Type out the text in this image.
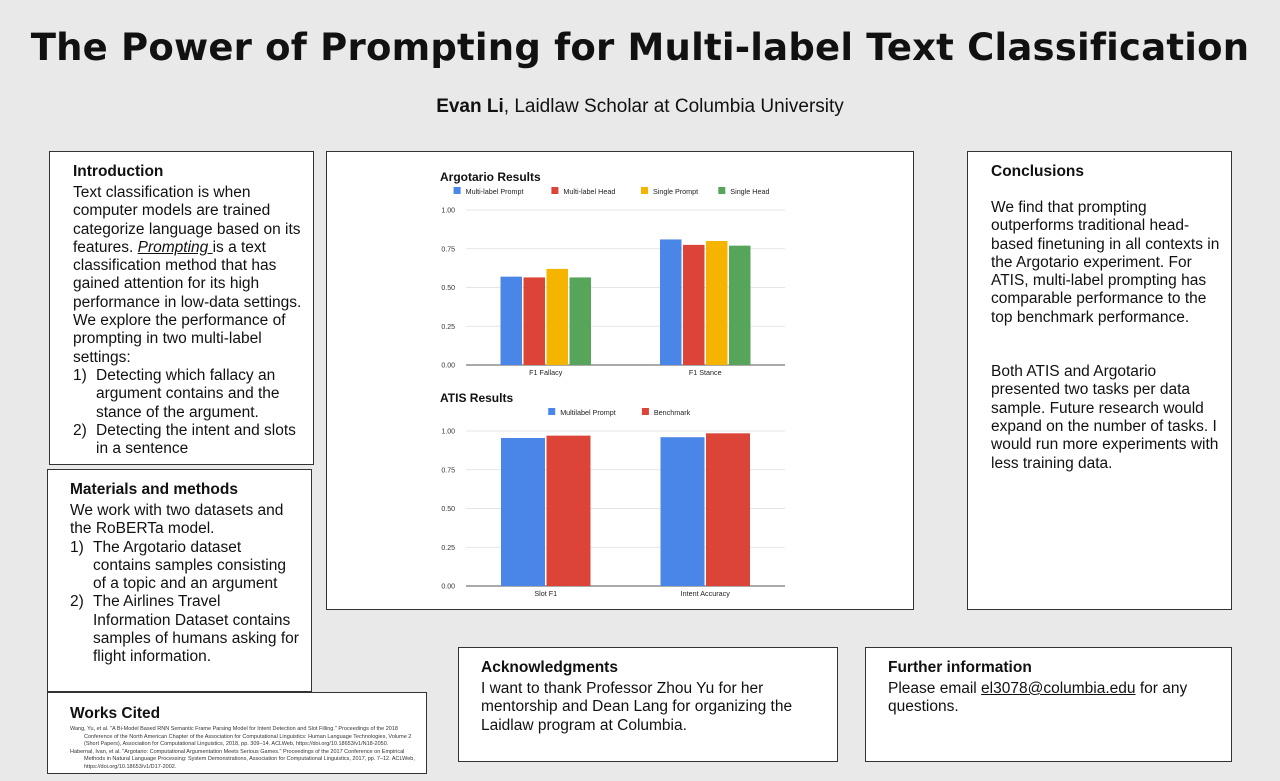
The Power of Prompting for Multi-label Text Classification
Evan Li, Laidlaw Scholar at Columbia University
Introduction

Text classification is when computer models are trained categorize language based on its features. Prompting is a text classification method that has gained attention for its high performance in low-data settings. We explore the performance of prompting in two multi-label settings:

1) Detecting which fallacy an argument contains and the stance of the argument.
2) Detecting the intent and slots in a sentence
Materials and methods

We work with two datasets and the RoBERTa model.

1) The Argotario dataset contains samples consisting of a topic and an argument
2) The Airlines Travel Information Dataset contains samples of humans asking for flight information.
Works Cited
Wang, Yu, et al. "A Bi-Model Based RNN Semantic Frame Parsing Model for Intent Detection and Slot Filling." Proceedings of the 2018 Conference of the North American Chapter of the Association for Computational Linguistics: Human Language Technologies, Volume 2 (Short Papers), Association for Computational Linguistics, 2018, pp. 309–14. ACLWeb, https://doi.org/10.18653/v1/N18-2050.
Habernal, Ivan, et al. "Argotario: Computational Argumentation Meets Serious Games." Proceedings of the 2017 Conference on Empirical Methods in Natural Language Processing: System Demonstrations, Association for Computational Linguistics, 2017, pp. 7–12. ACLWeb, https://doi.org/10.18653/v1/D17-2002.
Argotario Results
Multi-label Prompt	Multi-label Head	Single Prompt	Single Head
0.00
0.25
0.50
0.75
1.00
F1 Fallacy	F1 Stance
ATIS Results
Multilabel Prompt	Benchmark
0.00
0.25
0.50
0.75
1.00
Slot F1	Intent Accuracy
Conclusions

We find that prompting outperforms traditional head-based finetuning in all contexts in the Argotario experiment. For ATIS, multi-label prompting has comparable performance to the top benchmark performance.

Both ATIS and Argotario presented two tasks per data sample. Future research would expand on the number of tasks. I would run more experiments with less training data.

Acknowledgments

I want to thank Professor Zhou Yu for her mentorship and Dean Lang for organizing the Laidlaw program at Columbia.

Further information

Please email el3078@columbia.edu for any questions.
